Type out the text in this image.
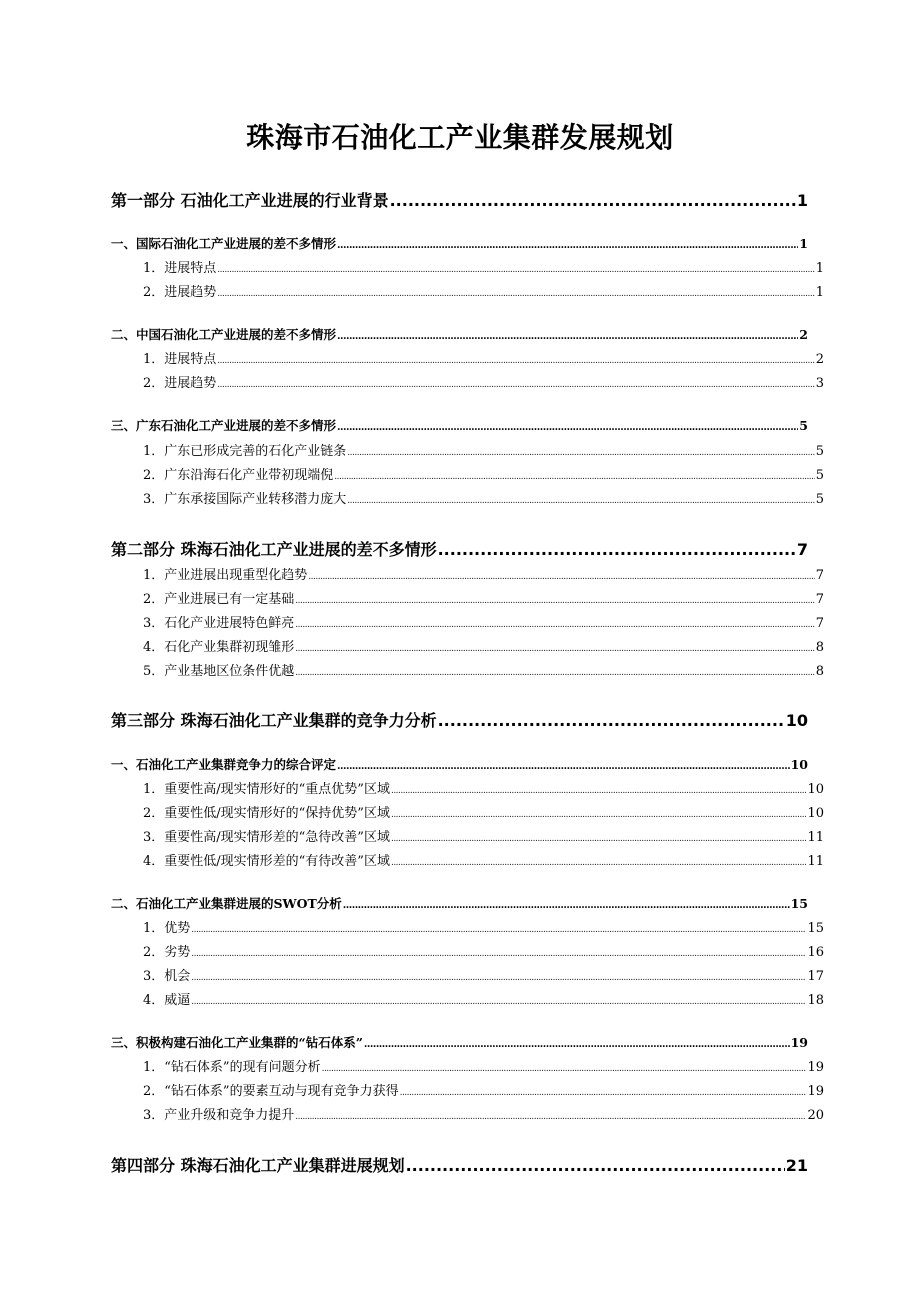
珠海市石油化工产业集群发展规划
第一部分 石油化工产业进展的行业背景 .....	1
一、国际石油化工产业进展的差不多情形 .....	1
1．进展特点 .....	1
2．进展趋势 .....	1
二、中国石油化工产业进展的差不多情形 .....	2
1．进展特点 .....	2
2．进展趋势 .....	3
三、广东石油化工产业进展的差不多情形 .....	5
1．广东已形成完善的石化产业链条 .....	5
2．广东沿海石化产业带初现端倪 .....	5
3．广东承接国际产业转移潜力庞大 .....	5
第二部分 珠海石油化工产业进展的差不多情形 .....	7
1．产业进展出现重型化趋势 .....	7
2．产业进展已有一定基础 .....	7
3．石化产业进展特色鲜亮 .....	7
4．石化产业集群初现雏形 .....	8
5．产业基地区位条件优越 .....	8
第三部分 珠海石油化工产业集群的竞争力分析 .....	10
一、石油化工产业集群竞争力的综合评定 .....	10
1．重要性高/现实情形好的“重点优势”区域 .....	10
2．重要性低/现实情形好的“保持优势”区域 .....	10
3．重要性高/现实情形差的“急待改善”区域 .....	11
4．重要性低/现实情形差的“有待改善”区域 .....	11
二、石油化工产业集群进展的SWOT分析 .....	15
1．优势 .....	15
2．劣势 .....	16
3．机会 .....	17
4．威逼 .....	18
三、积极构建石油化工产业集群的“钻石体系” .....	19
1．“钻石体系”的现有问题分析 .....	19
2．“钻石体系”的要素互动与现有竞争力获得 .....	19
3．产业升级和竞争力提升 .....	20
第四部分 珠海石油化工产业集群进展规划 .....	21
